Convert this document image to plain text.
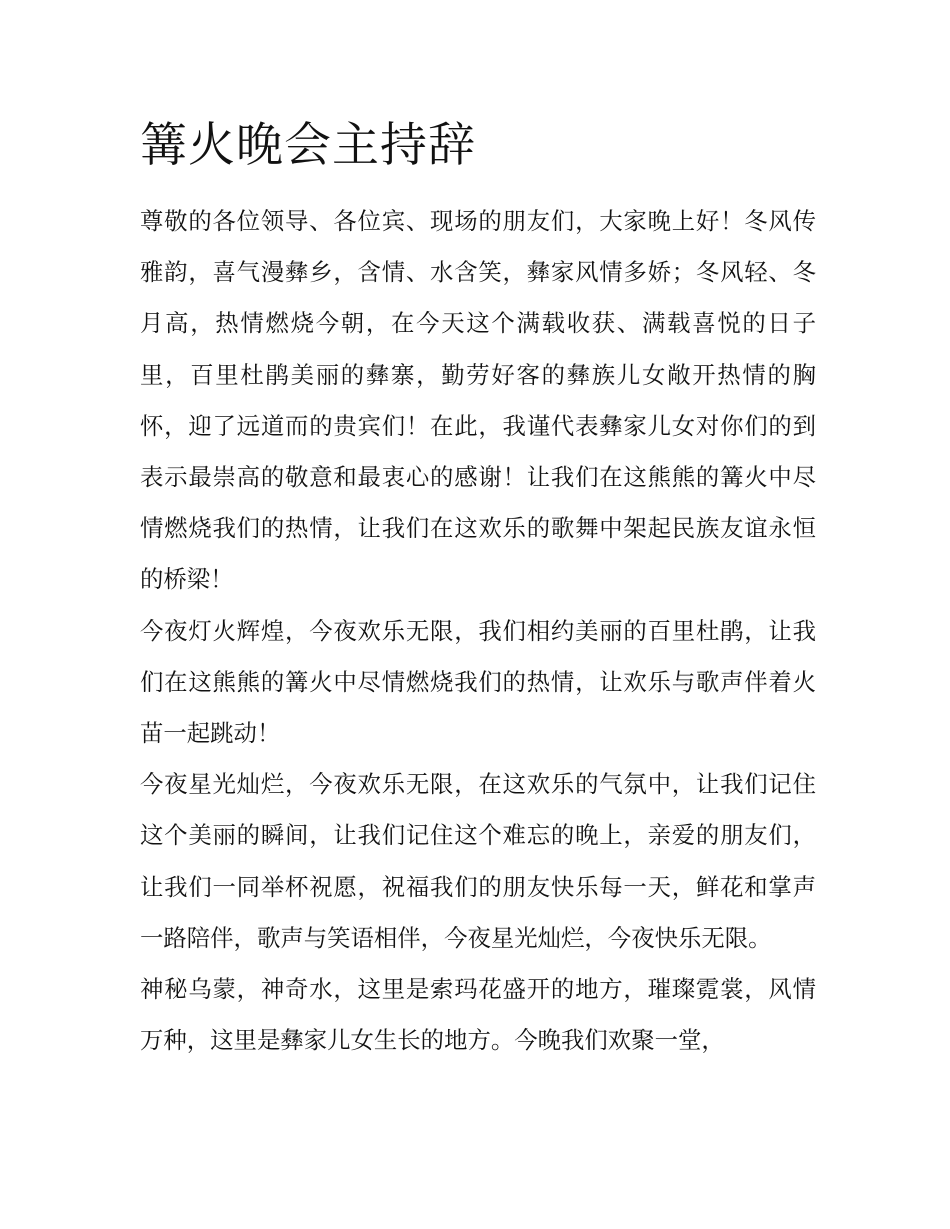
篝火晚会主持辞

尊敬的各位领导、各位宾、现场的朋友们，大家晚上好！冬风传雅韵，喜气漫彝乡，含情、水含笑，彝家风情多娇；冬风轻、冬月高，热情燃烧今朝，在今天这个满载收获、满载喜悦的日子里，百里杜鹃美丽的彝寨，勤劳好客的彝族儿女敞开热情的胸怀，迎了远道而的贵宾们！在此，我谨代表彝家儿女对你们的到表示最崇高的敬意和最衷心的感谢！让我们在这熊熊的篝火中尽情燃烧我们的热情，让我们在这欢乐的歌舞中架起民族友谊永恒的桥梁！

今夜灯火辉煌，今夜欢乐无限，我们相约美丽的百里杜鹃，让我们在这熊熊的篝火中尽情燃烧我们的热情，让欢乐与歌声伴着火苗一起跳动！

今夜星光灿烂，今夜欢乐无限，在这欢乐的气氛中，让我们记住这个美丽的瞬间，让我们记住这个难忘的晚上，亲爱的朋友们，让我们一同举杯祝愿，祝福我们的朋友快乐每一天，鲜花和掌声一路陪伴，歌声与笑语相伴，今夜星光灿烂，今夜快乐无限。

神秘乌蒙，神奇水，这里是索玛花盛开的地方，璀璨霓裳，风情万种，这里是彝家儿女生长的地方。今晚我们欢聚一堂，
